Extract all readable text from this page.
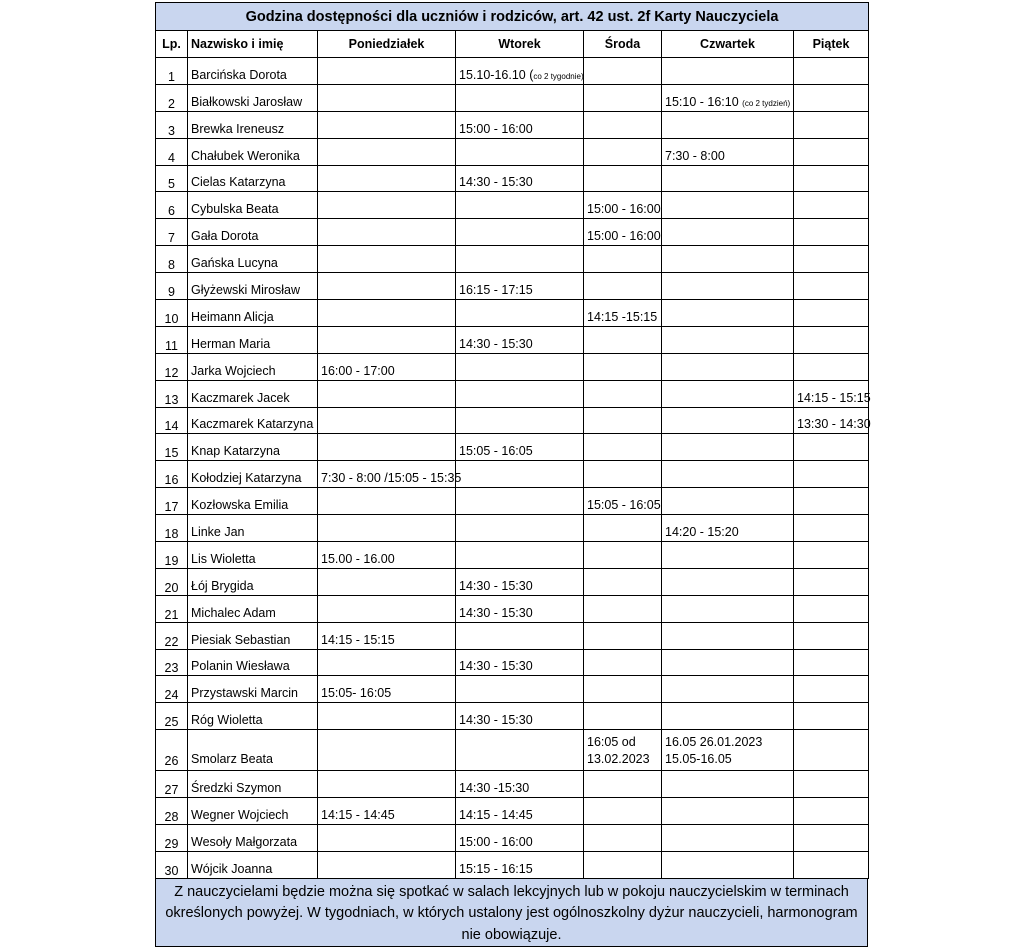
Godzina dostępności dla uczniów i rodziców, art. 42 ust. 2f Karty Nauczyciela						
Lp.	Nazwisko i imię	Poniedziałek	Wtorek	Środa	Czwartek	Piątek
1	Barcińska Dorota		15.10-16.10 (co 2 tygodnie)			
2	Białkowski Jarosław				15:10 - 16:10 (co 2 tydzień)	
3	Brewka Ireneusz		15:00 - 16:00			
4	Chałubek Weronika				7:30 - 8:00	
5	Cielas Katarzyna		14:30 - 15:30			
6	Cybulska Beata			15:00 - 16:00		
7	Gała Dorota			15:00 - 16:00		
8	Gańska Lucyna					
9	Głyżewski Mirosław		16:15 - 17:15			
10	Heimann Alicja			14:15 -15:15		
11	Herman Maria		14:30 - 15:30			
12	Jarka Wojciech	16:00 - 17:00				
13	Kaczmarek Jacek					14:15 - 15:15
14	Kaczmarek Katarzyna					13:30 - 14:30
15	Knap Katarzyna		15:05 - 16:05			
16	Kołodziej Katarzyna	7:30 - 8:00 /15:05 - 15:35				
17	Kozłowska Emilia			15:05 - 16:05		
18	Linke Jan				14:20 - 15:20	
19	Lis Wioletta	15.00 - 16.00				
20	Łój Brygida		14:30 - 15:30			
21	Michalec Adam		14:30 - 15:30			
22	Piesiak Sebastian	14:15 - 15:15				
23	Polanin Wiesława		14:30 - 15:30			
24	Przystawski Marcin	15:05- 16:05				
25	Róg Wioletta		14:30 - 15:30			
26	Smolarz Beata			16:05 od 13.02.2023	16.05 26.01.2023 15.05-16.05	
27	Średzki Szymon		14:30 -15:30			
28	Wegner Wojciech	14:15 - 14:45	14:15 - 14:45			
29	Wesoły Małgorzata		15:00 - 16:00			
30	Wójcik Joanna		15:15 - 16:15			
Z nauczycielami będzie można się spotkać w salach lekcyjnych lub w pokoju nauczycielskim w terminach określonych powyżej. W tygodniach, w których ustalony jest ogólnoszkolny dyżur nauczycieli, harmonogram nie obowiązuje.
